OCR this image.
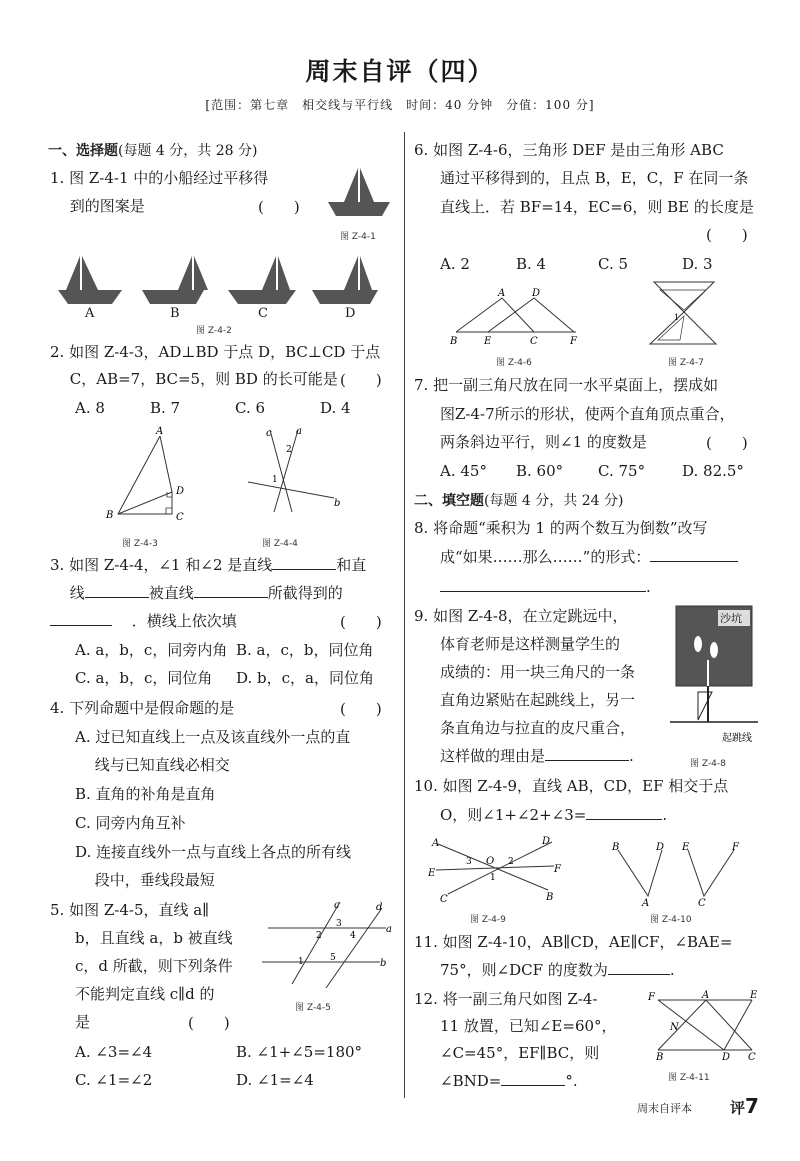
周末自评（四）
[范围：第七章　相交线与平行线　时间：40 分钟　分值：100 分]
一、选择题(每题 4 分，共 28 分)
1. 图 Z-4-1 中的小船经过平移得
　 到的图案是	(　　)
图 Z-4-1
A	B	C	D
图 Z-4-2
2. 如图 Z-4-3，AD⊥BD 于点 D，BC⊥CD 于点
　 C，AB=7，BC=5，则 BD 的长可能是 (　　)
A. 8	B. 7	C. 6	D. 4
A
D
B	C
图 Z-4-3
c a
2
1
b
图 Z-4-4
3. 如图 Z-4-4，∠1 和∠2 是直线	和直
　 线	被直线	所截得到的
　 ．横线上依次填	(　　)
A. a，b，c，同旁内角 B. a，c，b，同位角
C. a，b，c，同位角 D. b，c，a，同位角
4. 下列命题中是假命题的是	(　　)
A. 过已知直线上一点及该直线外一点的直
　 线与已知直线必相交
B. 直角的补角是直角
C. 同旁内角互补
D. 连接直线外一点与直线上各点的所有线
　 段中，垂线段最短
5. 如图 Z-4-5，直线 a∥
b，且直线 a，b 被直线
c，d 所截，则下列条件
不能判定直线 c∥d 的
是	(　　)
A. ∠3=∠4	B. ∠1+∠5=180°
C. ∠1=∠2	D. ∠1=∠4
c	d
3	a
2	4
1	5	b
图 Z-4-5
6. 如图 Z-4-6，三角形 DEF 是由三角形 ABC
通过平移得到的，且点 B，E，C，F 在同一条
直线上．若 BF=14，EC=6，则 BE 的长度是
(　　)
A. 2	B. 4	C. 5	D. 3
A	D
B	E	C	F
图 Z-4-6
1
图 Z-4-7
7. 把一副三角尺放在同一水平桌面上，摆成如
图Z-4-7所示的形状，使两个直角顶点重合，
两条斜边平行，则∠1 的度数是	(　　)
A. 45° B. 60° C. 75° D. 82.5°
二、填空题(每题 4 分，共 24 分)
8. 将命题“乘积为 1 的两个数互为倒数”改写
成“如果……那么……”的形式：
.
9. 如图 Z-4-8，在立定跳远中，
体育老师是这样测量学生的
成绩的：用一块三角尺的一条
直角边紧贴在起跳线上，另一
条直角边与拉直的皮尺重合，
这样做的理由是	.
沙坑
起跳线
图 Z-4-8
10. 如图 Z-4-9，直线 AB，CD，EF 相交于点
O，则∠1+∠2+∠3=	.
A	D
3 O 2
E	1
F
C	B
图 Z-4-9
B	D E	F
A	C
图 Z-4-10
11. 如图 Z-4-10，AB∥CD，AE∥CF，∠BAE=
75°，则∠DCF 的度数为	.
12. 将一副三角尺如图 Z-4-
11 放置，已知∠E=60°，
∠C=45°，EF∥BC，则
∠BND=	°.
F	A	E
N
B	D C
图 Z-4-11
周末自评本	评7
